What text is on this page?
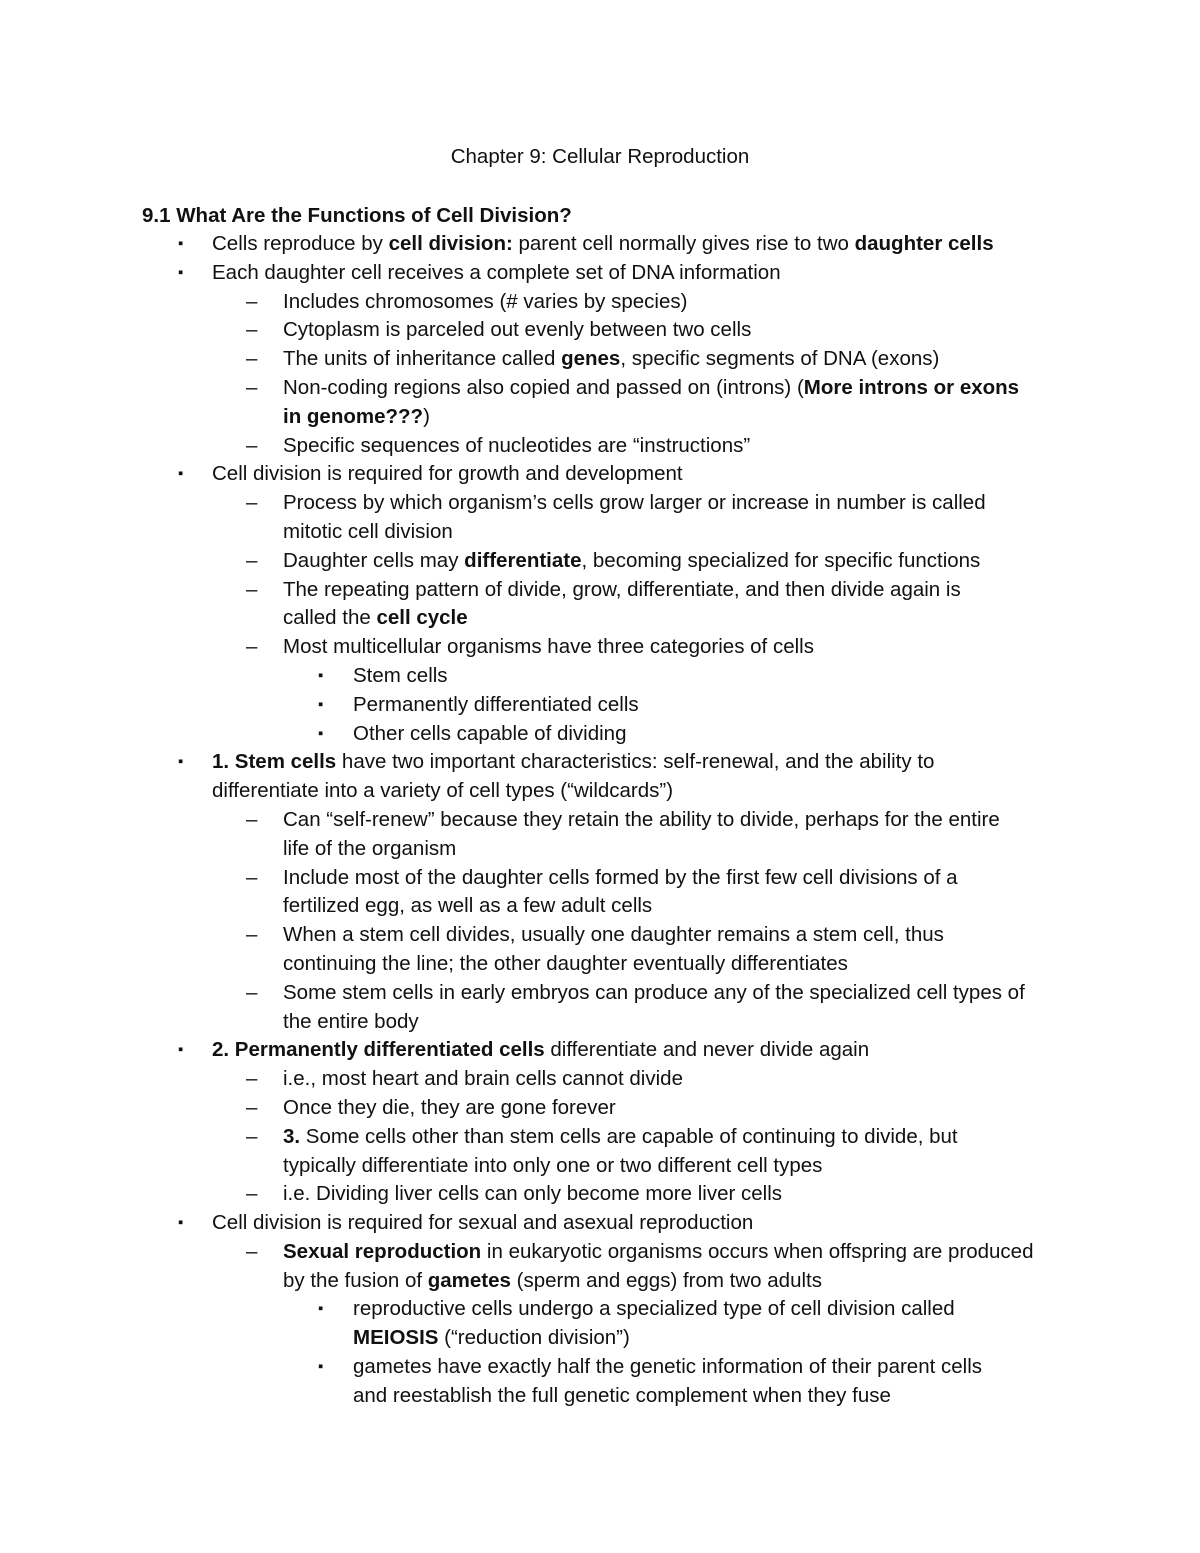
Chapter 9: Cellular Reproduction
9.1 What Are the Functions of Cell Division?
▪ Cells reproduce by cell division: parent cell normally gives rise to two daughter cells
▪ Each daughter cell receives a complete set of DNA information
– Includes chromosomes (# varies by species)
– Cytoplasm is parceled out evenly between two cells
– The units of inheritance called genes, specific segments of DNA (exons)
– Non-coding regions also copied and passed on (introns) (More introns or exons
in genome???)
– Specific sequences of nucleotides are “instructions”
▪ Cell division is required for growth and development
– Process by which organism’s cells grow larger or increase in number is called
mitotic cell division
– Daughter cells may differentiate, becoming specialized for specific functions
– The repeating pattern of divide, grow, differentiate, and then divide again is
called the cell cycle
– Most multicellular organisms have three categories of cells
▪ Stem cells
▪ Permanently differentiated cells
▪ Other cells capable of dividing
▪ 1. Stem cells have two important characteristics: self-renewal, and the ability to
differentiate into a variety of cell types (“wildcards”)
– Can “self-renew” because they retain the ability to divide, perhaps for the entire
life of the organism
– Include most of the daughter cells formed by the first few cell divisions of a
fertilized egg, as well as a few adult cells
– When a stem cell divides, usually one daughter remains a stem cell, thus
continuing the line; the other daughter eventually differentiates
– Some stem cells in early embryos can produce any of the specialized cell types of
the entire body
▪ 2. Permanently differentiated cells differentiate and never divide again
– i.e., most heart and brain cells cannot divide
– Once they die, they are gone forever
– 3. Some cells other than stem cells are capable of continuing to divide, but
typically differentiate into only one or two different cell types
– i.e. Dividing liver cells can only become more liver cells
▪ Cell division is required for sexual and asexual reproduction
– Sexual reproduction in eukaryotic organisms occurs when offspring are produced
by the fusion of gametes (sperm and eggs) from two adults
▪ reproductive cells undergo a specialized type of cell division called
MEIOSIS (“reduction division”)
▪ gametes have exactly half the genetic information of their parent cells
and reestablish the full genetic complement when they fuse
